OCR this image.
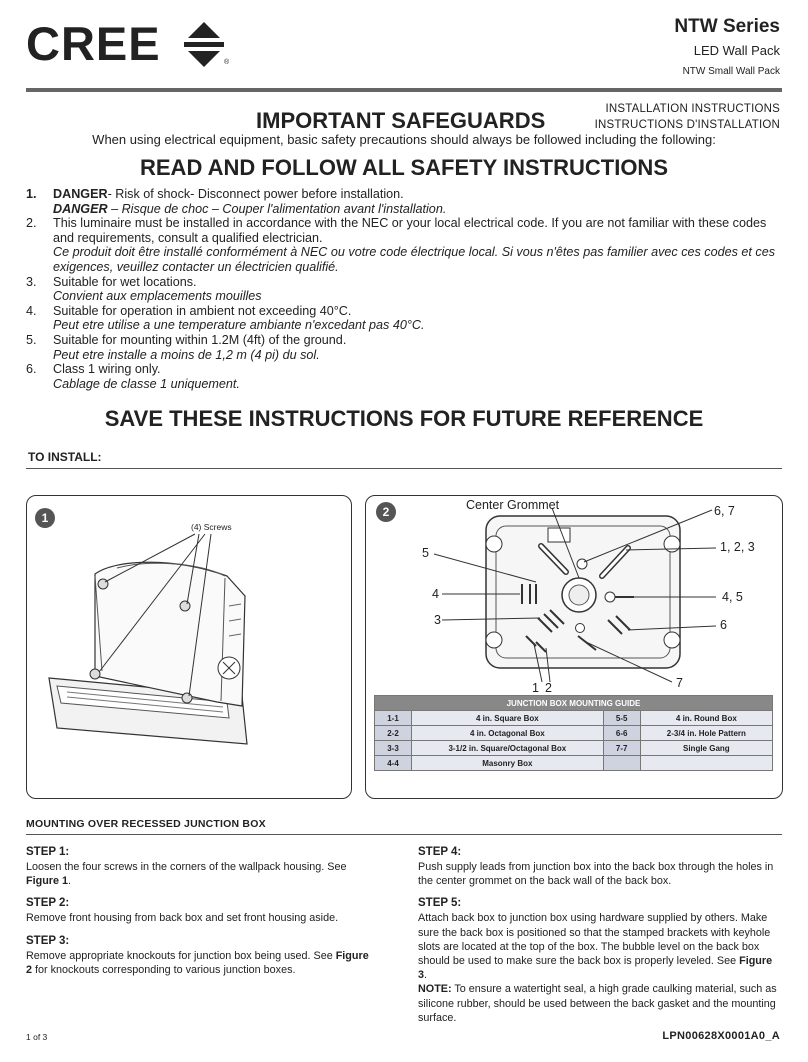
CREE	®
NTW Series
LED Wall Pack
NTW Small Wall Pack
INSTALLATION INSTRUCTIONS
INSTRUCTIONS D'INSTALLATION
IMPORTANT SAFEGUARDS
When using electrical equipment, basic safety precautions should always be followed including the following:
READ AND FOLLOW ALL SAFETY INSTRUCTIONS
1.	DANGER- Risk of shock- Disconnect power before installation.
DANGER – Risque de choc – Couper l'alimentation avant l'installation.
2.	This luminaire must be installed in accordance with the NEC or your local electrical code. If you are not familiar with these codes and requirements, consult a qualified electrician.
Ce produit doit être installé conformément à NEC ou votre code électrique local. Si vous n'êtes pas familier avec ces codes et ces exigences, veuillez contacter un électricien qualifié.
3.	Suitable for wet locations.
Convient aux emplacements mouilles
4.	Suitable for operation in ambient not exceeding 40°C.
Peut etre utilise a une temperature ambiante n'excedant pas 40°C.
5.	Suitable for mounting within 1.2M (4ft) of the ground.
Peut etre installe a moins de 1,2 m (4 pi) du sol.
6.	Class 1 wiring only.
Cablage de classe 1 uniquement.
SAVE THESE INSTRUCTIONS FOR FUTURE REFERENCE
TO INSTALL:
1
(4) Screws
2	Center Grommet	6, 7
1, 2, 3
5
4	4, 5
3	6
7
1 2
JUNCTION BOX MOUNTING GUIDE			
1-1	4 in. Square Box	5-5	4 in. Round Box
2-2	4 in. Octagonal Box	6-6	2-3/4 in. Hole Pattern
3-3	3-1/2 in. Square/Octagonal Box	7-7	Single Gang
4-4	Masonry Box		
MOUNTING OVER RECESSED JUNCTION BOX
STEP 1:

Loosen the four screws in the corners of the wallpack housing. See Figure 1.

STEP 2:

Remove front housing from back box and set front housing aside.

STEP 3:

Remove appropriate knockouts for junction box being used. See Figure 2 for knockouts corresponding to various junction boxes.

STEP 4:

Push supply leads from junction box into the back box through the holes in the center grommet on the back wall of the back box.

STEP 5:

Attach back box to junction box using hardware supplied by others. Make sure the back box is positioned so that the stamped brackets with keyhole slots are located at the top of the box. The bubble level on the back box should be used to make sure the back box is properly leveled. See Figure 3.
NOTE: To ensure a watertight seal, a high grade caulking material, such as silicone rubber, should be used between the back gasket and the mounting surface.

1 of 3	LPN00628X0001A0_A
